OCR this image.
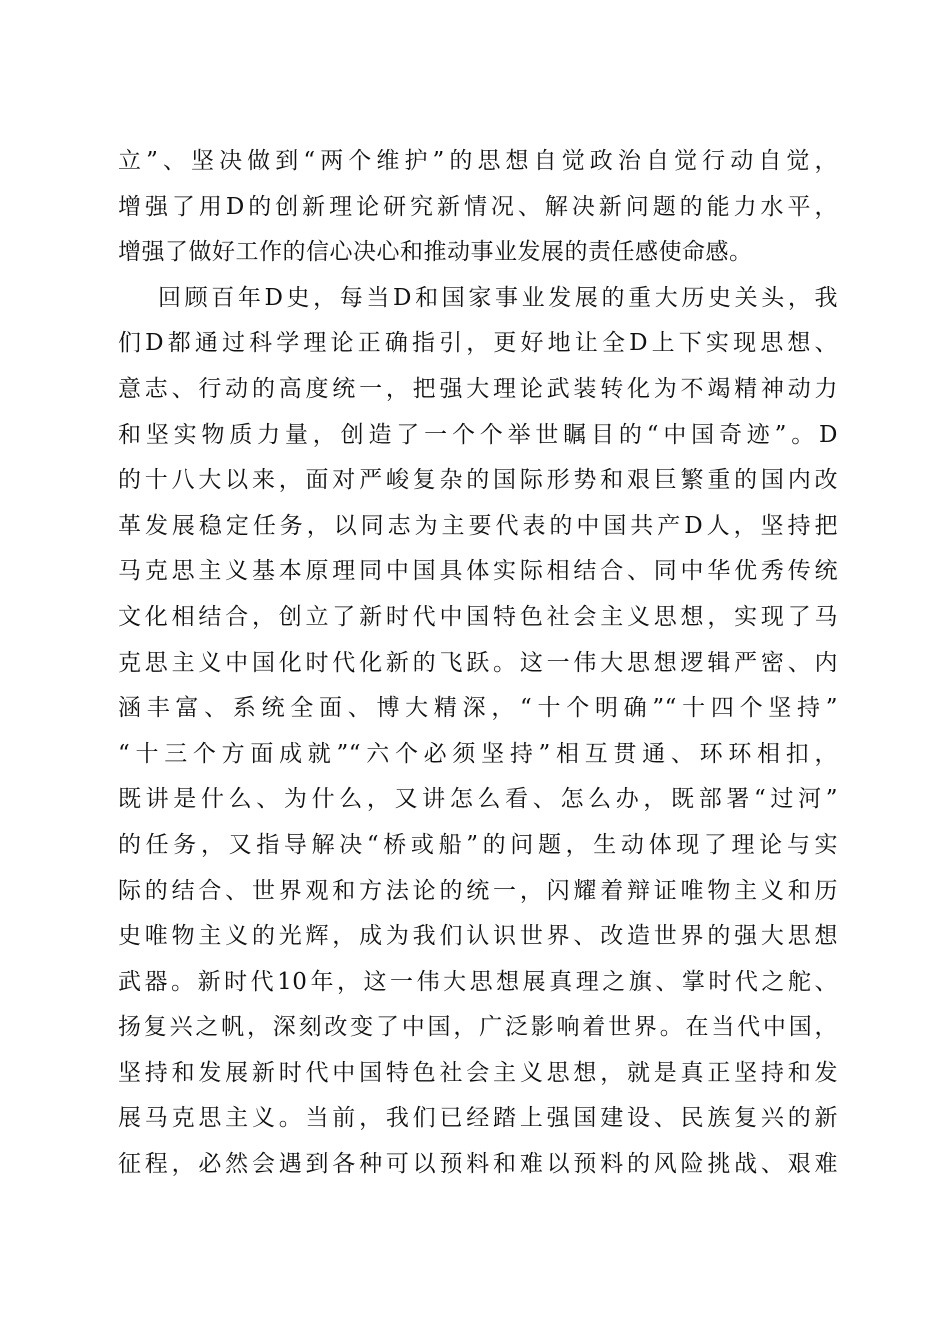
立”、坚决做到“两个维护”的思想自觉政治自觉行动自觉，
增强了用D的创新理论研究新情况、解决新问题的能力水平，
增强了做好工作的信心决心和推动事业发展的责任感使命感。
回顾百年D史，每当D和国家事业发展的重大历史关头，我
们D都通过科学理论正确指引，更好地让全D上下实现思想、
意志、行动的高度统一，把强大理论武装转化为不竭精神动力
和坚实物质力量，创造了一个个举世瞩目的“中国奇迹”。D
的十八大以来，面对严峻复杂的国际形势和艰巨繁重的国内改
革发展稳定任务，以同志为主要代表的中国共产D人，坚持把
马克思主义基本原理同中国具体实际相结合、同中华优秀传统
文化相结合，创立了新时代中国特色社会主义思想，实现了马
克思主义中国化时代化新的飞跃。这一伟大思想逻辑严密、内
涵丰富、系统全面、博大精深，“十个明确”“十四个坚持”
“十三个方面成就”“六个必须坚持”相互贯通、环环相扣，
既讲是什么、为什么，又讲怎么看、怎么办，既部署“过河”
的任务，又指导解决“桥或船”的问题，生动体现了理论与实
际的结合、世界观和方法论的统一，闪耀着辩证唯物主义和历
史唯物主义的光辉，成为我们认识世界、改造世界的强大思想
武器。新时代10年，这一伟大思想展真理之旗、掌时代之舵、
扬复兴之帆，深刻改变了中国，广泛影响着世界。在当代中国，
坚持和发展新时代中国特色社会主义思想，就是真正坚持和发
展马克思主义。当前，我们已经踏上强国建设、民族复兴的新
征程，必然会遇到各种可以预料和难以预料的风险挑战、艰难
